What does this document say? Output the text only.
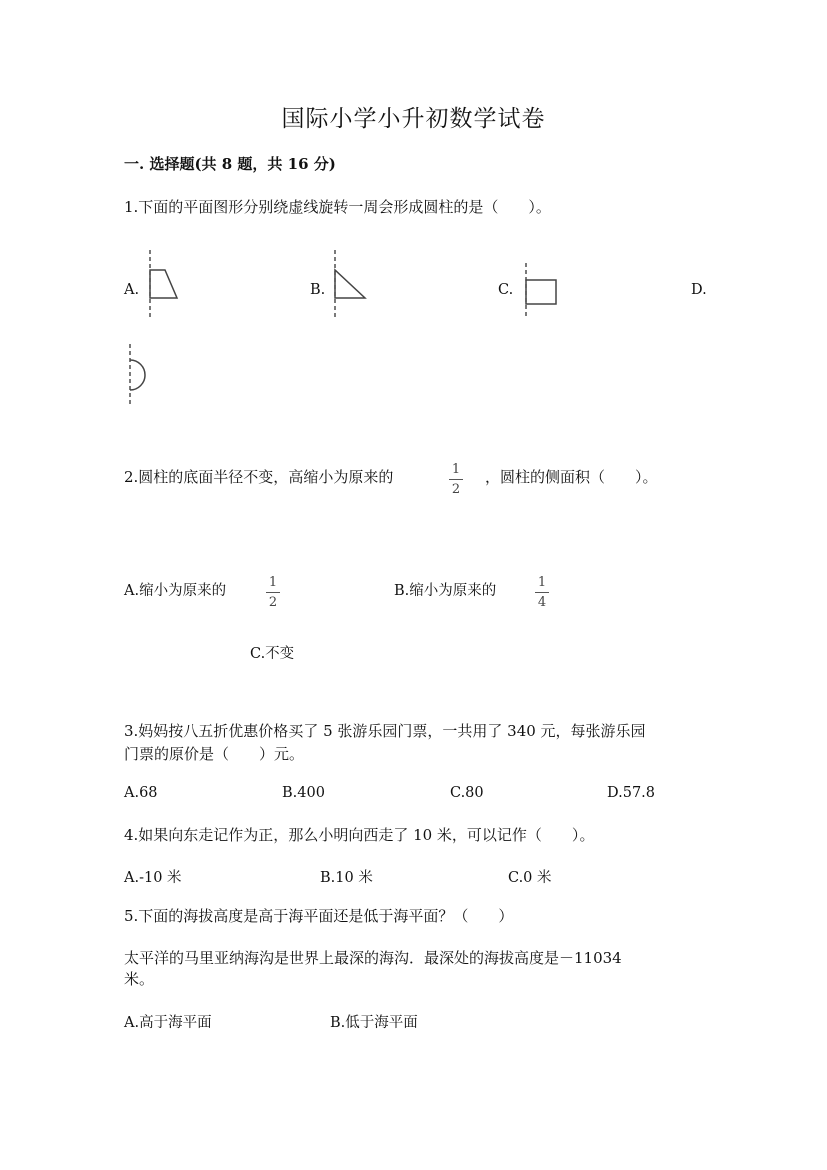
国际小学小升初数学试卷
一. 选择题(共 8 题，共 16 分)
1.下面的平面图形分别绕虚线旋转一周会形成圆柱的是（　　）。
A.	B.	C.	D.
2.圆柱的底面半径不变，高缩小为原来的	1
2
，圆柱的侧面积（　　）。
A.缩小为原来的
1
2
B.缩小为原来的
1
4
C.不变
3.妈妈按八五折优惠价格买了 5 张游乐园门票，一共用了 340 元，每张游乐园
门票的原价是（　　）元。
A.68	B.400	C.80	D.57.8
4.如果向东走记作为正，那么小明向西走了 10 米，可以记作（　　）。
A.-10 米	B.10 米	C.0 米
5.下面的海拔高度是高于海平面还是低于海平面？（　　）
太平洋的马里亚纳海沟是世界上最深的海沟．最深处的海拔高度是－11034
米。
A.高于海平面	B.低于海平面
